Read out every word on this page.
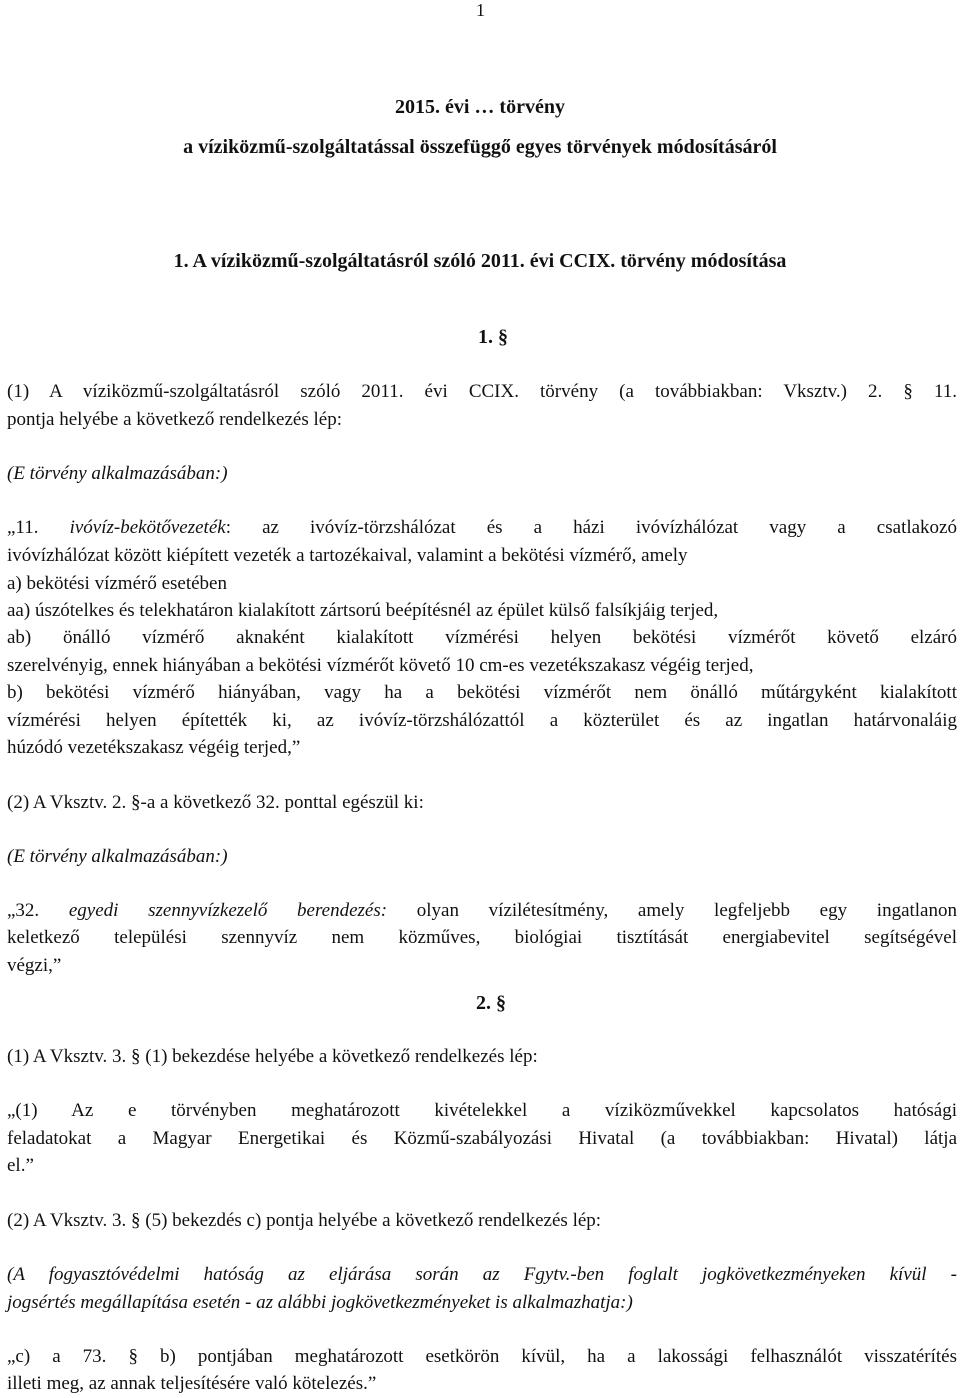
1
2015. évi … törvény
a víziközmű-szolgáltatással összefüggő egyes törvények módosításáról
1. A víziközmű-szolgáltatásról szóló 2011. évi CCIX. törvény módosítása
1. §
(1) A víziközmű-szolgáltatásról szóló 2011. évi CCIX. törvény (a továbbiakban: Vksztv.) 2. § 11.
pontja helyébe a következő rendelkezés lép:
(E törvény alkalmazásában:)
„11. ivóvíz-bekötővezeték: az ivóvíz-törzshálózat és a házi ivóvízhálózat vagy a csatlakozó
ivóvízhálózat között kiépített vezeték a tartozékaival, valamint a bekötési vízmérő, amely
a) bekötési vízmérő esetében
aa) úszótelkes és telekhatáron kialakított zártsorú beépítésnél az épület külső falsíkjáig terjed,
ab) önálló vízmérő aknaként kialakított vízmérési helyen bekötési vízmérőt követő elzáró
szerelvényig, ennek hiányában a bekötési vízmérőt követő 10 cm-es vezetékszakasz végéig terjed,
b) bekötési vízmérő hiányában, vagy ha a bekötési vízmérőt nem önálló műtárgyként kialakított
vízmérési helyen építették ki, az ivóvíz-törzshálózattól a közterület és az ingatlan határvonaláig
húzódó vezetékszakasz végéig terjed,”
(2) A Vksztv. 2. §-a a következő 32. ponttal egészül ki:
(E törvény alkalmazásában:)
„32. egyedi szennyvízkezelő berendezés: olyan vízilétesítmény, amely legfeljebb egy ingatlanon
keletkező települési szennyvíz nem közműves, biológiai tisztítását energiabevitel segítségével
végzi,”
2. §
(1) A Vksztv. 3. § (1) bekezdése helyébe a következő rendelkezés lép:
„(1) Az e törvényben meghatározott kivételekkel a víziközművekkel kapcsolatos hatósági
feladatokat a Magyar Energetikai és Közmű-szabályozási Hivatal (a továbbiakban: Hivatal) látja
el.”
(2) A Vksztv. 3. § (5) bekezdés c) pontja helyébe a következő rendelkezés lép:
(A fogyasztóvédelmi hatóság az eljárása során az Fgytv.-ben foglalt jogkövetkezményeken kívül -
jogsértés megállapítása esetén - az alábbi jogkövetkezményeket is alkalmazhatja:)
„c) a 73. § b) pontjában meghatározott esetkörön kívül, ha a lakossági felhasználót visszatérítés
illeti meg, az annak teljesítésére való kötelezés.”
